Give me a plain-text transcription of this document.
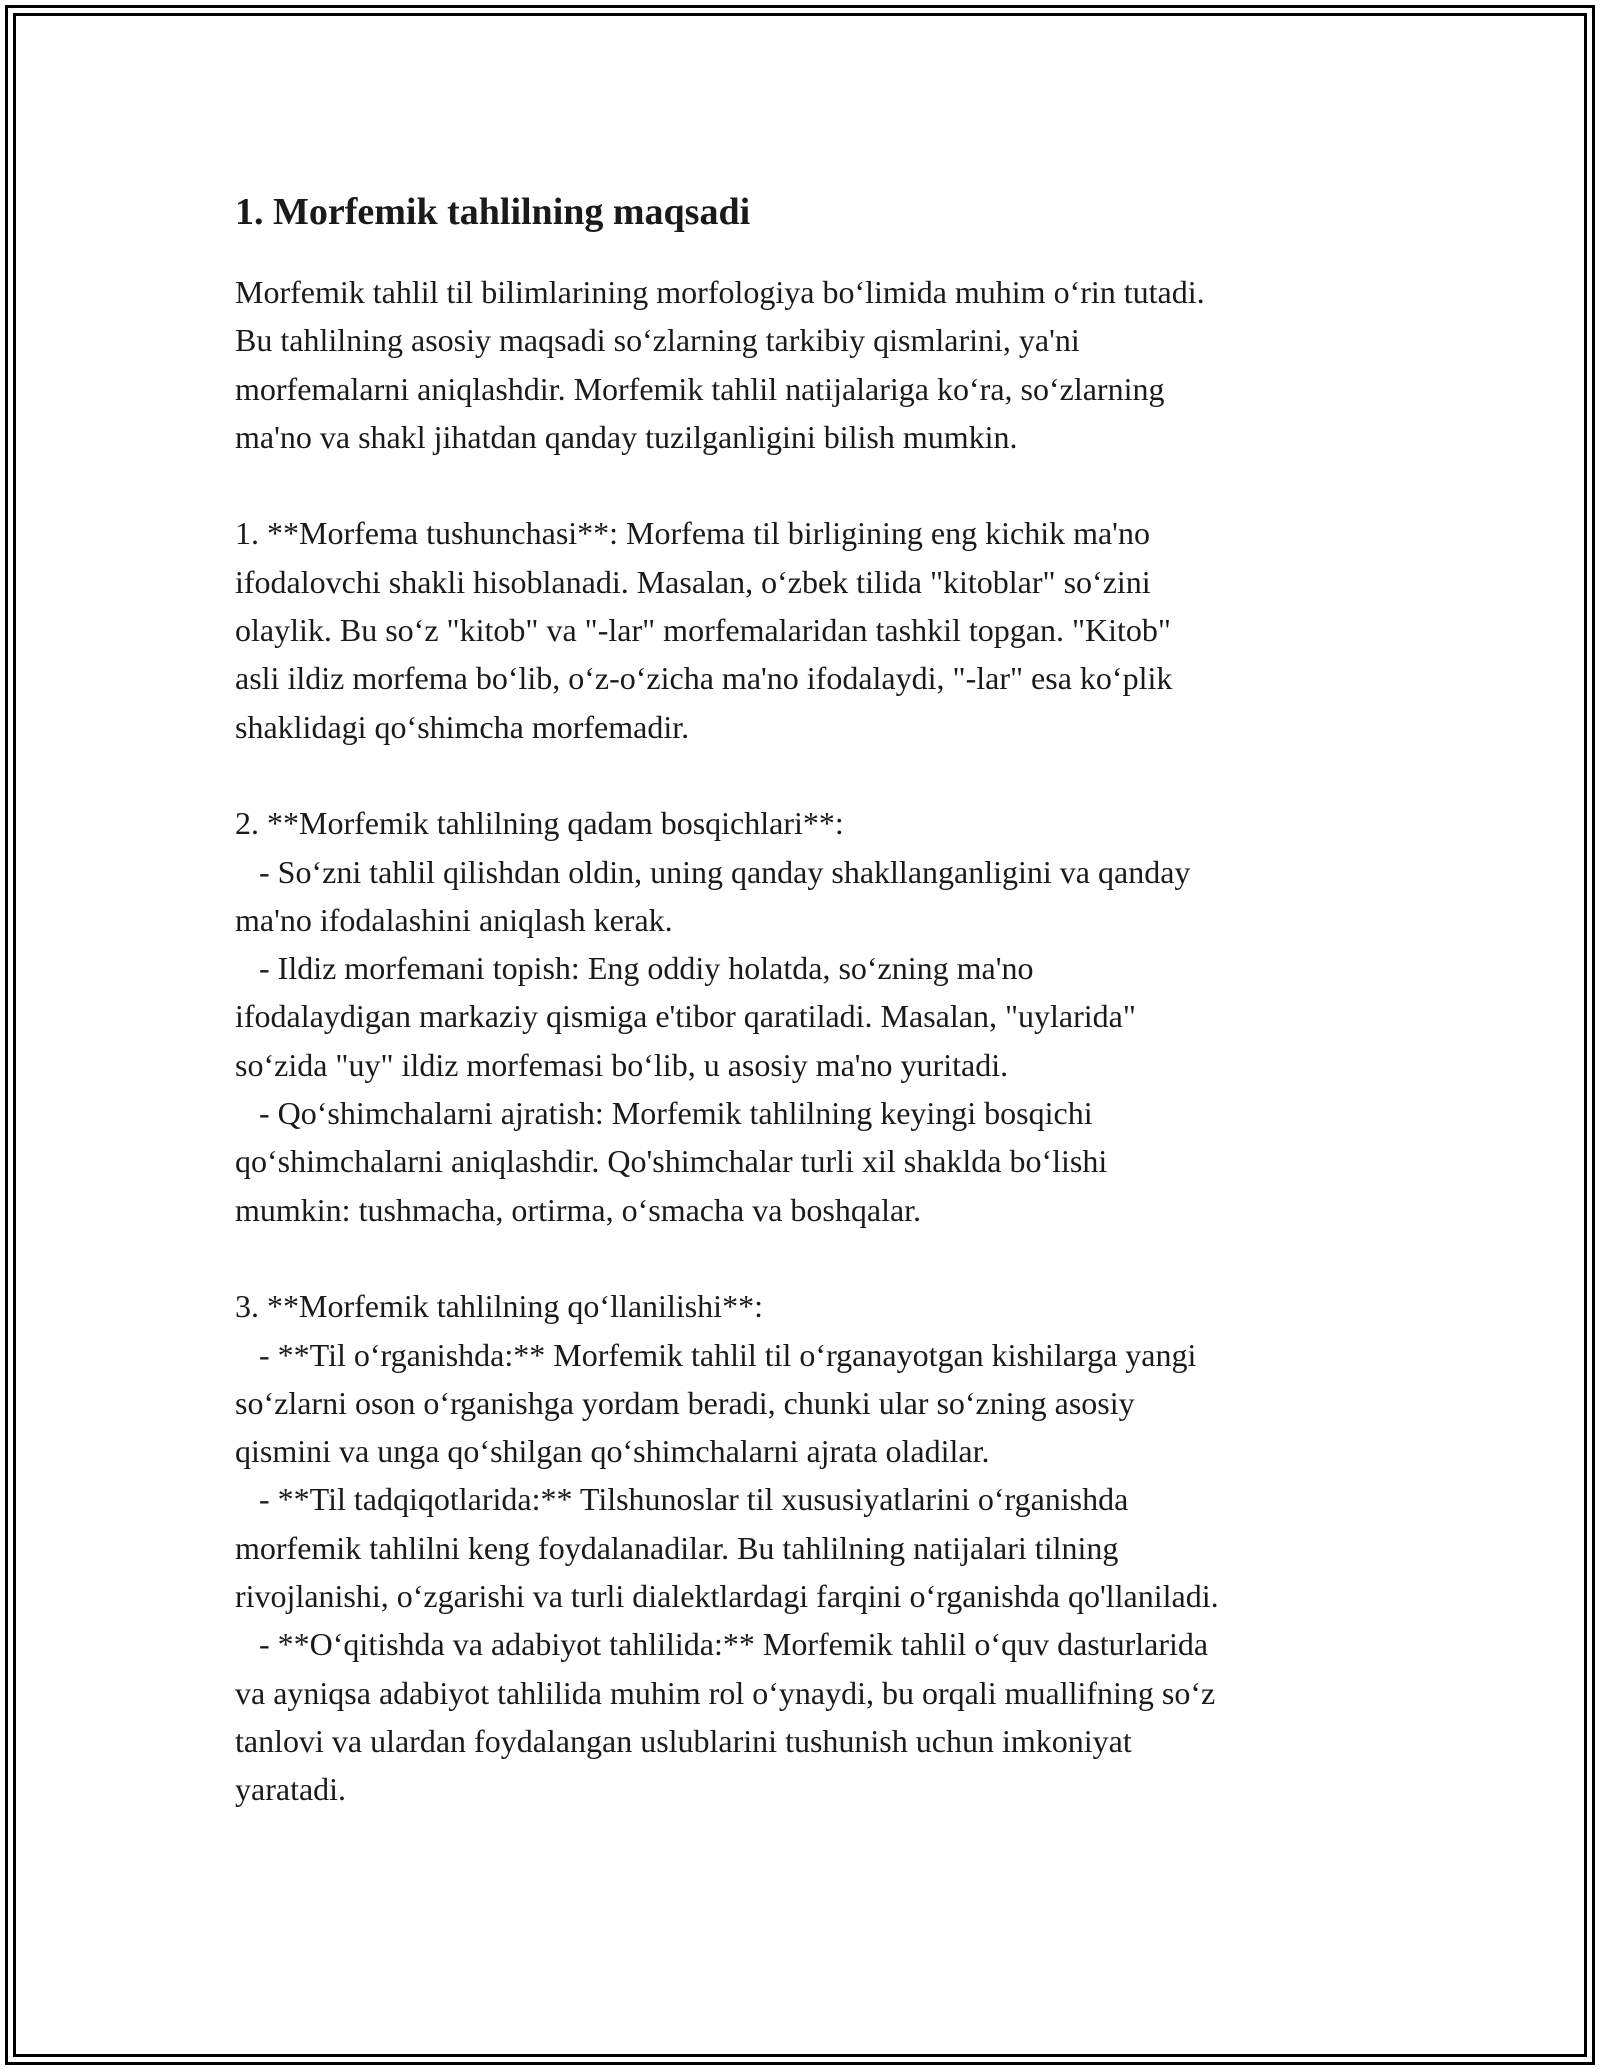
1. Morfemik tahlilning maqsadi

Morfemik tahlil til bilimlarining morfologiya bo‘limida muhim o‘rin tutadi.
Bu tahlilning asosiy maqsadi so‘zlarning tarkibiy qismlarini, ya'ni
morfemalarni aniqlashdir. Morfemik tahlil natijalariga ko‘ra, so‘zlarning
ma'no va shakl jihatdan qanday tuzilganligini bilish mumkin.

1. **Morfema tushunchasi**: Morfema til birligining eng kichik ma'no
ifodalovchi shakli hisoblanadi. Masalan, o‘zbek tilida "kitoblar" so‘zini
olaylik. Bu so‘z "kitob" va "-lar" morfemalaridan tashkil topgan. "Kitob"
asli ildiz morfema bo‘lib, o‘z-o‘zicha ma'no ifodalaydi, "-lar" esa ko‘plik
shaklidagi qo‘shimcha morfemadir.

2. **Morfemik tahlilning qadam bosqichlari**:
- So‘zni tahlil qilishdan oldin, uning qanday shakllanganligini va qanday
ma'no ifodalashini aniqlash kerak.
- Ildiz morfemani topish: Eng oddiy holatda, so‘zning ma'no
ifodalaydigan markaziy qismiga e'tibor qaratiladi. Masalan, "uylarida"
so‘zida "uy" ildiz morfemasi bo‘lib, u asosiy ma'no yuritadi.
- Qo‘shimchalarni ajratish: Morfemik tahlilning keyingi bosqichi
qo‘shimchalarni aniqlashdir. Qo'shimchalar turli xil shaklda bo‘lishi
mumkin: tushmacha, ortirma, o‘smacha va boshqalar.

3. **Morfemik tahlilning qo‘llanilishi**:
- **Til o‘rganishda:** Morfemik tahlil til o‘rganayotgan kishilarga yangi
so‘zlarni oson o‘rganishga yordam beradi, chunki ular so‘zning asosiy
qismini va unga qo‘shilgan qo‘shimchalarni ajrata oladilar.
- **Til tadqiqotlarida:** Tilshunoslar til xususiyatlarini o‘rganishda
morfemik tahlilni keng foydalanadilar. Bu tahlilning natijalari tilning
rivojlanishi, o‘zgarishi va turli dialektlardagi farqini o‘rganishda qo'llaniladi.
- **O‘qitishda va adabiyot tahlilida:** Morfemik tahlil o‘quv dasturlarida
va ayniqsa adabiyot tahlilida muhim rol o‘ynaydi, bu orqali muallifning so‘z
tanlovi va ulardan foydalangan uslublarini tushunish uchun imkoniyat
yaratadi.
